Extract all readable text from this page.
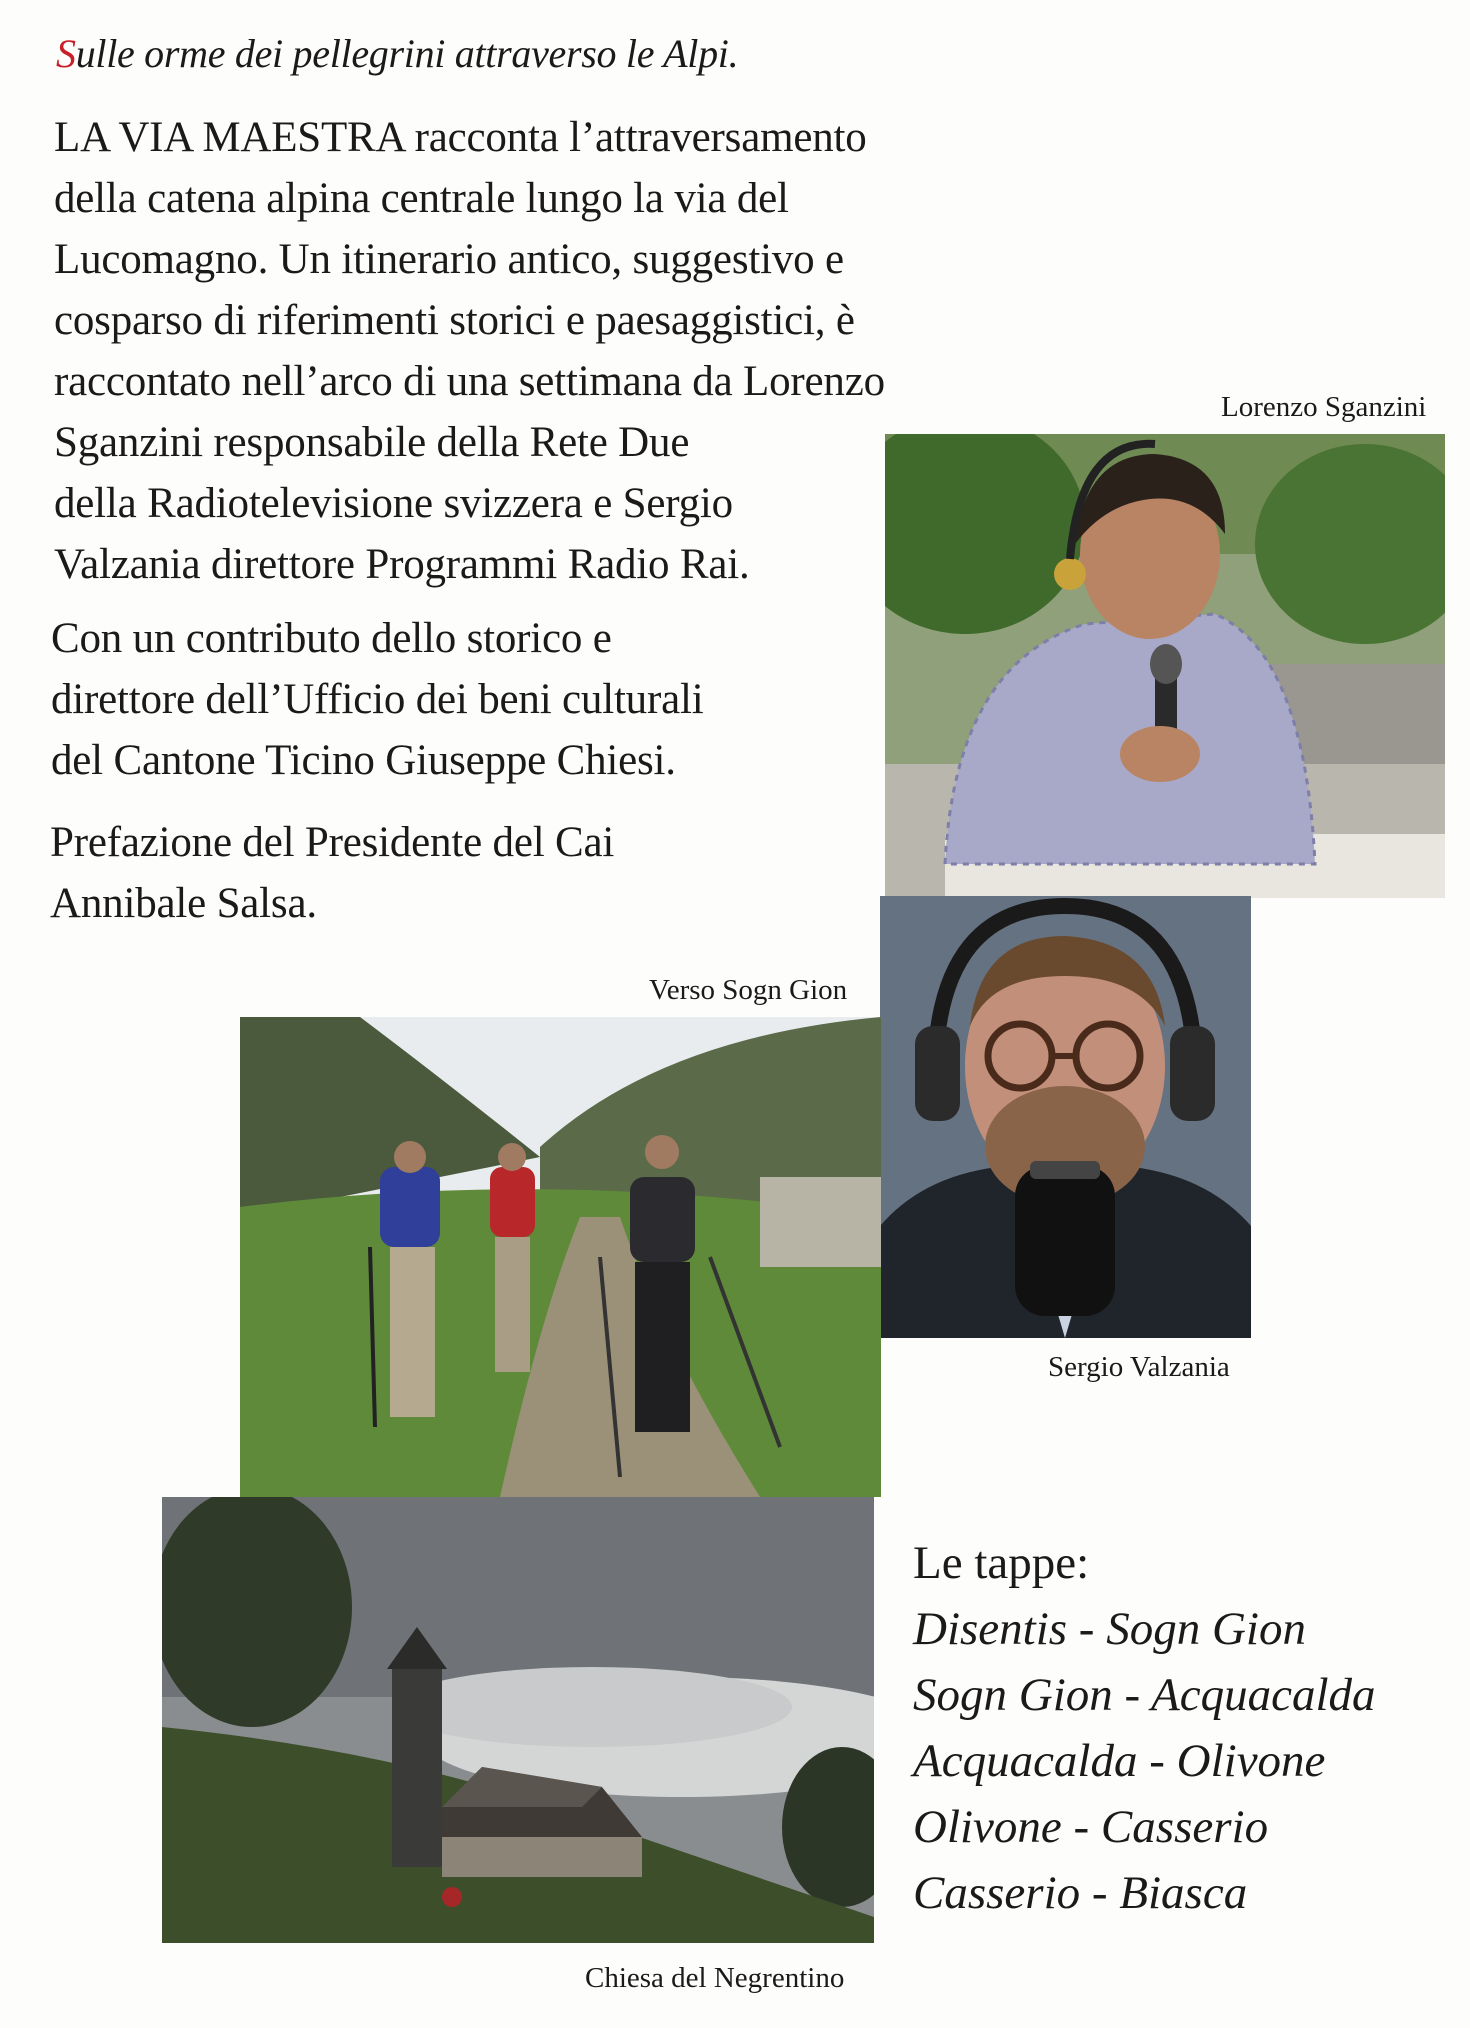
Sulle orme dei pellegrini attraverso le Alpi.
LA VIA MAESTRA racconta l’attraversamento
della catena alpina centrale lungo la via del
Lucomagno. Un itinerario antico, suggestivo e
cosparso di riferimenti storici e paesaggistici, è
raccontato nell’arco di una settimana da Lorenzo
Sganzini responsabile della Rete Due
della Radiotelevisione svizzera e Sergio
Valzania direttore Programmi Radio Rai.
Con un contributo dello storico e
direttore dell’Ufficio dei beni culturali
del Cantone Ticino Giuseppe Chiesi.
Prefazione del Presidente del Cai
Annibale Salsa.
Lorenzo Sganzini
Sergio Valzania
Verso Sogn Gion
Chiesa del Negrentino
Le tappe:
Disentis - Sogn Gion
Sogn Gion - Acquacalda
Acquacalda - Olivone
Olivone - Casserio
Casserio - Biasca
